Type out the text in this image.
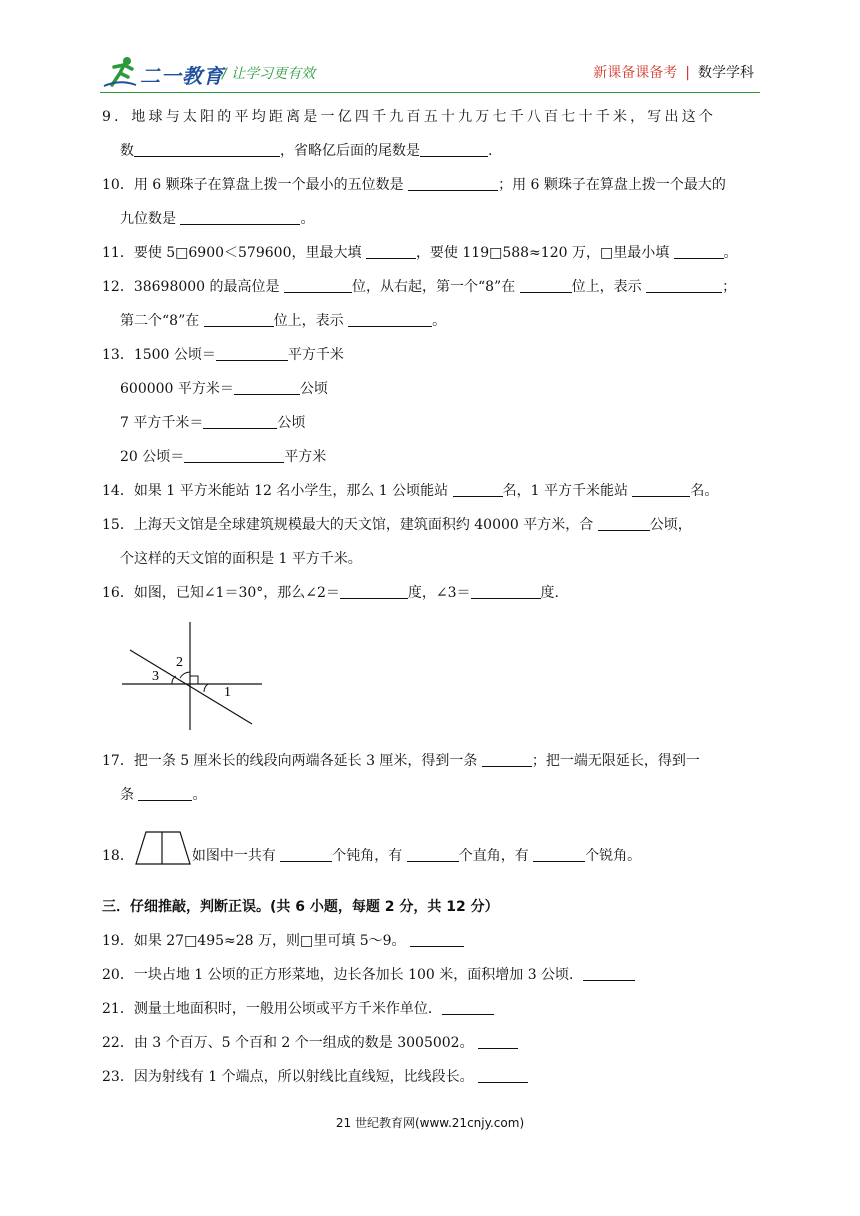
二一教育
/ 让学习更有效	新课备课备考 | 数学学科
9．地球与太阳的平均距离是一亿四千九百五十九万七千八百七十千米，写出这个
数	，省略亿后面的尾数是	.
10．用 6 颗珠子在算盘上拨一个最小的五位数是	；用 6 颗珠子在算盘上拨一个最大的
九位数是	。
11．要使 5□6900＜579600，里最大填	，要使 119□588≈120 万，□里最小填	。
12．38698000 的最高位是	位，从右起，第一个“8”在	位上，表示	；
第二个“8”在	位上，表示	。
13．1500 公顷＝	平方千米
600000 平方米＝	公顷
7 平方千米＝	公顷
20 公顷＝	平方米
14．如果 1 平方米能站 12 名小学生，那么 1 公顷能站	名，1 平方千米能站	名。
15．上海天文馆是全球建筑规模最大的天文馆，建筑面积约 40000 平方米，合	公顷，
个这样的天文馆的面积是 1 平方千米。
16．如图，已知∠1＝30°，那么∠2＝	度，∠3＝	度.
2
3
1
17．把一条 5 厘米长的线段向两端各延长 3 厘米，得到一条	；把一端无限延长，得到一
条	。
18．	如图中一共有	个钝角，有	个直角，有	个锐角。
三．仔细推敲，判断正误。(共 6 小题，每题 2 分，共 12 分）
19．如果 27□495≈28 万，则□里可填 5～9。
20．一块占地 1 公顷的正方形菜地，边长各加长 100 米，面积增加 3 公顷．
21．测量土地面积时，一般用公顷或平方千米作单位．
22．由 3 个百万、5 个百和 2 个一组成的数是 3005002。
23．因为射线有 1 个端点，所以射线比直线短，比线段长。
21 世纪教育网(www.21cnjy.com)
